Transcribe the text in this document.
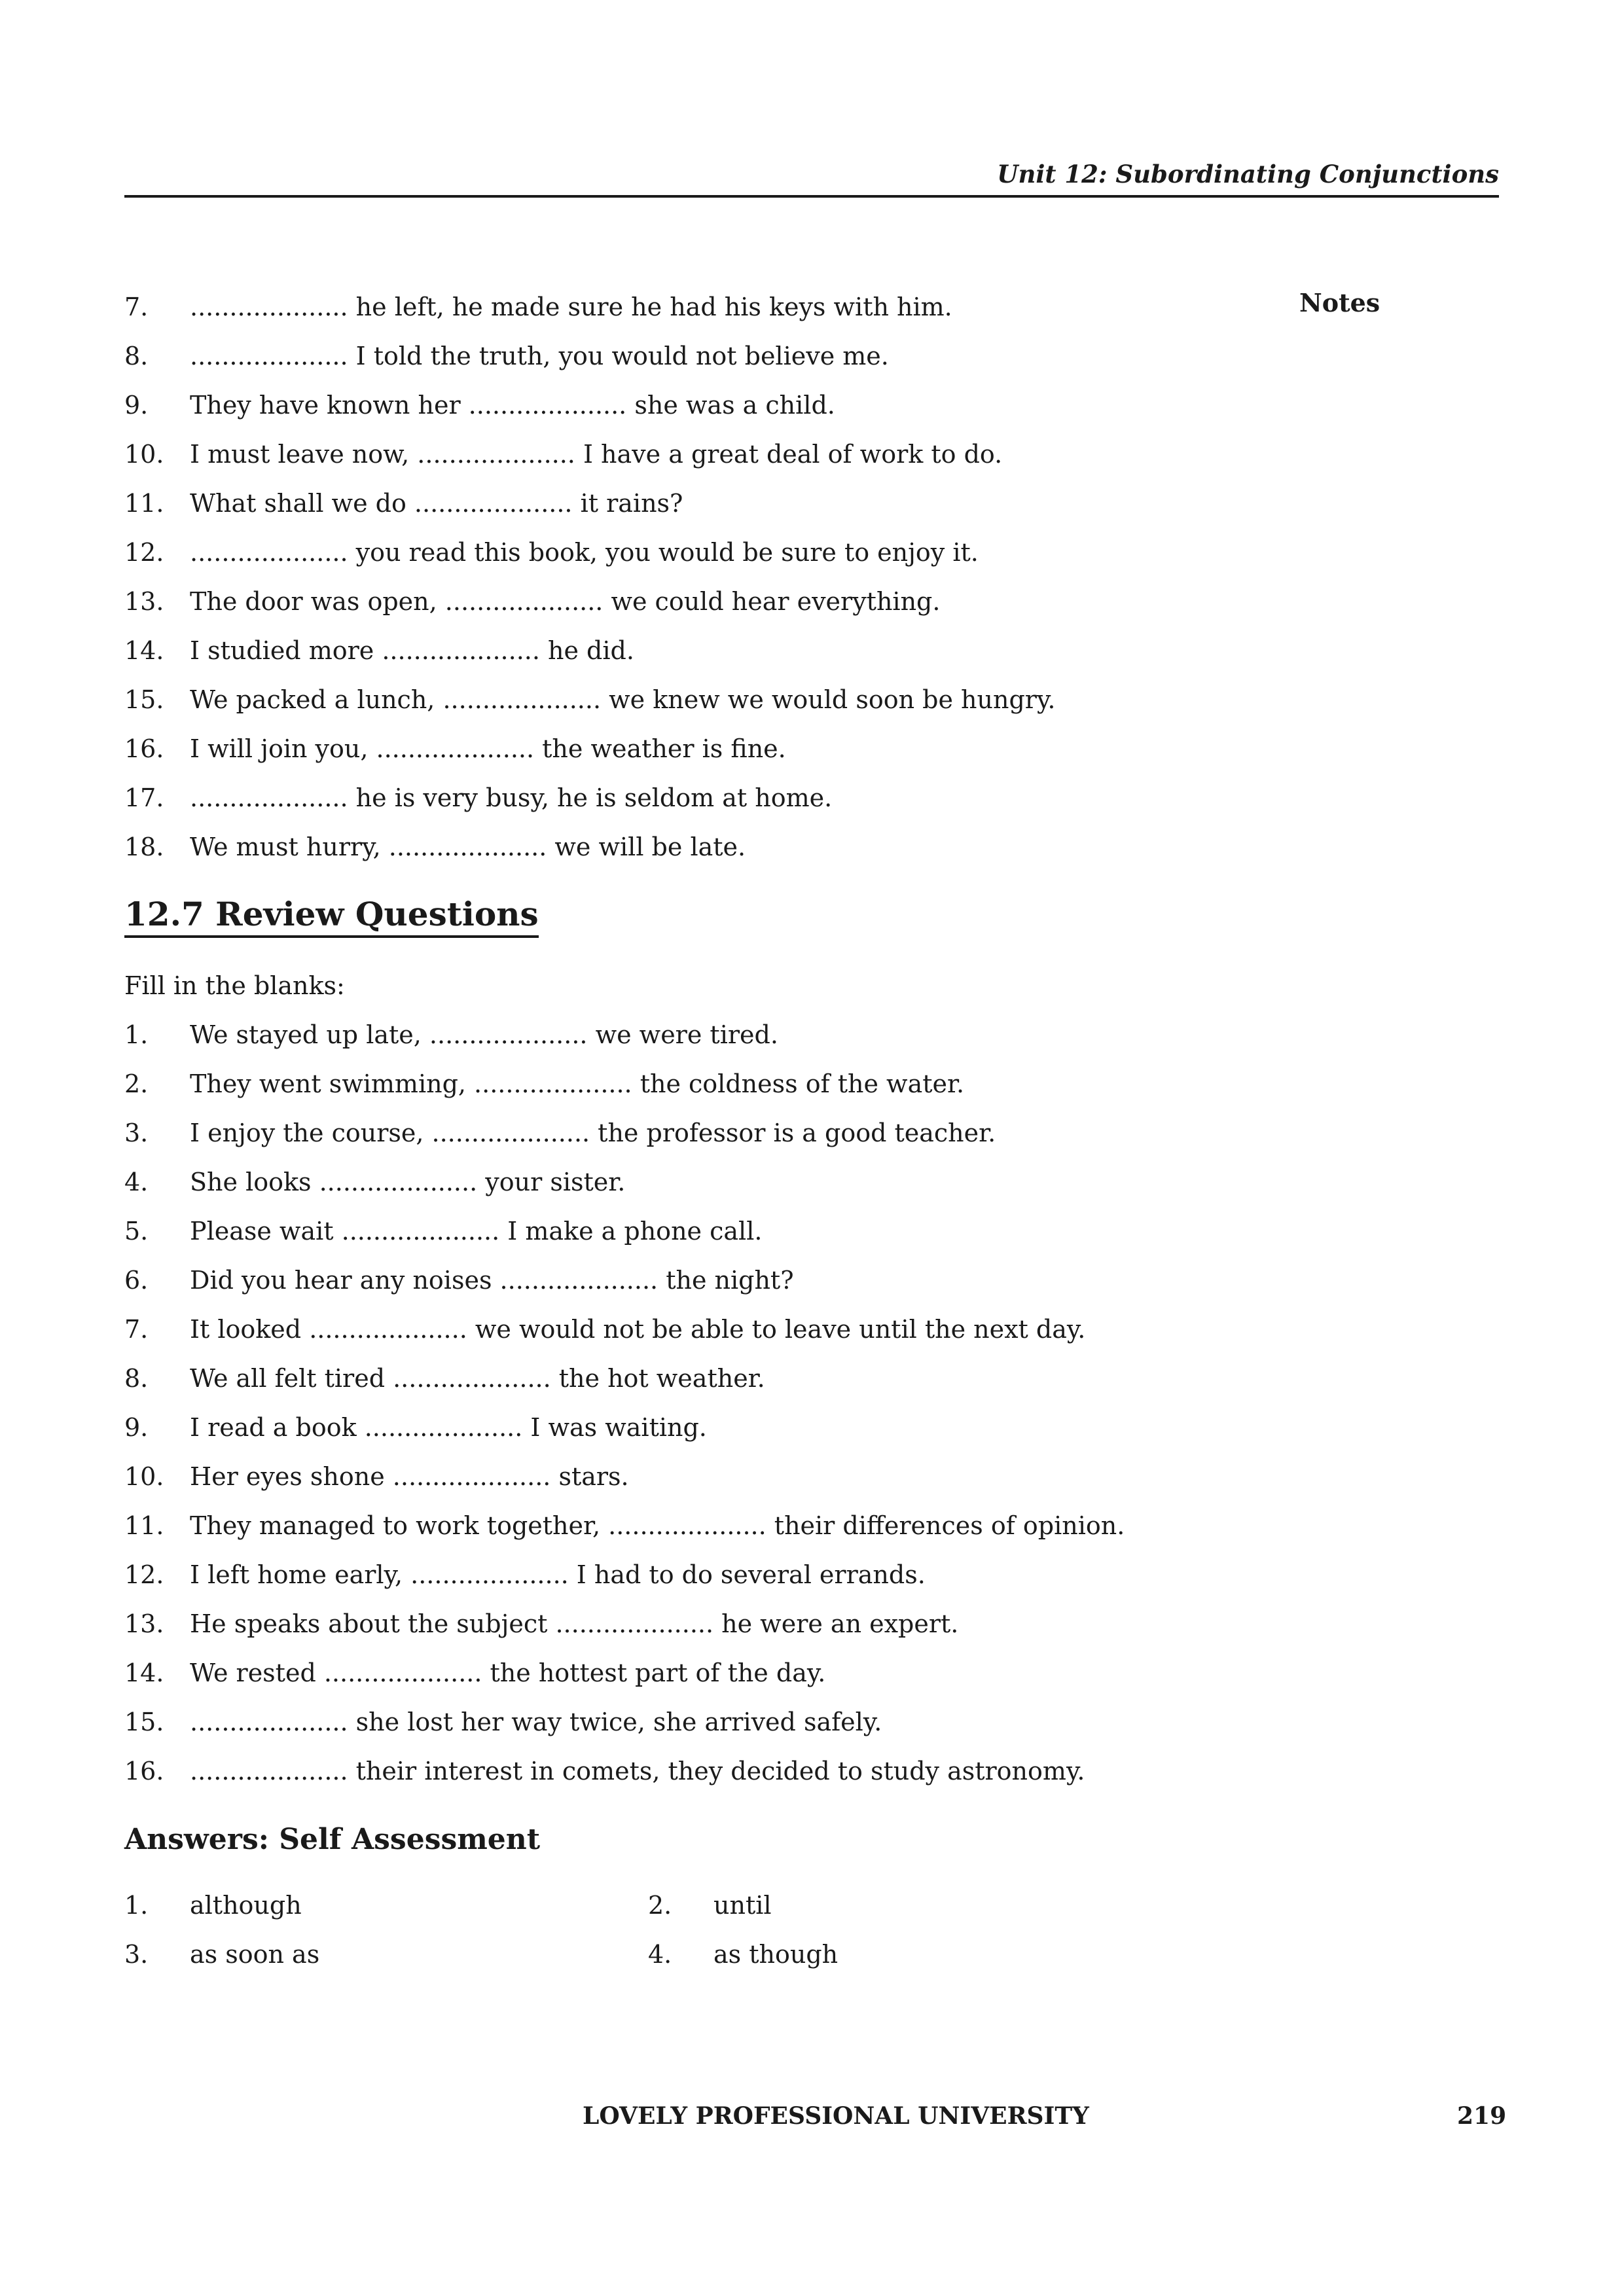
Unit 12: Subordinating Conjunctions
Notes
7. .................... he left, he made sure he had his keys with him.
8. .................... I told the truth, you would not believe me.
9. They have known her .................... she was a child.
10. I must leave now, .................... I have a great deal of work to do.
11. What shall we do .................... it rains?
12. .................... you read this book, you would be sure to enjoy it.
13. The door was open, .................... we could hear everything.
14. I studied more .................... he did.
15. We packed a lunch, .................... we knew we would soon be hungry.
16. I will join you, .................... the weather is fine.
17. .................... he is very busy, he is seldom at home.
18. We must hurry, .................... we will be late.
12.7 Review Questions
Fill in the blanks:
1. We stayed up late, .................... we were tired.
2. They went swimming, .................... the coldness of the water.
3. I enjoy the course, .................... the professor is a good teacher.
4. She looks .................... your sister.
5. Please wait .................... I make a phone call.
6. Did you hear any noises .................... the night?
7. It looked .................... we would not be able to leave until the next day.
8. We all felt tired .................... the hot weather.
9. I read a book .................... I was waiting.
10. Her eyes shone .................... stars.
11. They managed to work together, .................... their differences of opinion.
12. I left home early, .................... I had to do several errands.
13. He speaks about the subject .................... he were an expert.
14. We rested .................... the hottest part of the day.
15. .................... she lost her way twice, she arrived safely.
16. .................... their interest in comets, they decided to study astronomy.
Answers: Self Assessment
1. although	2. until
3. as soon as	4. as though
LOVELY PROFESSIONAL UNIVERSITY	219
